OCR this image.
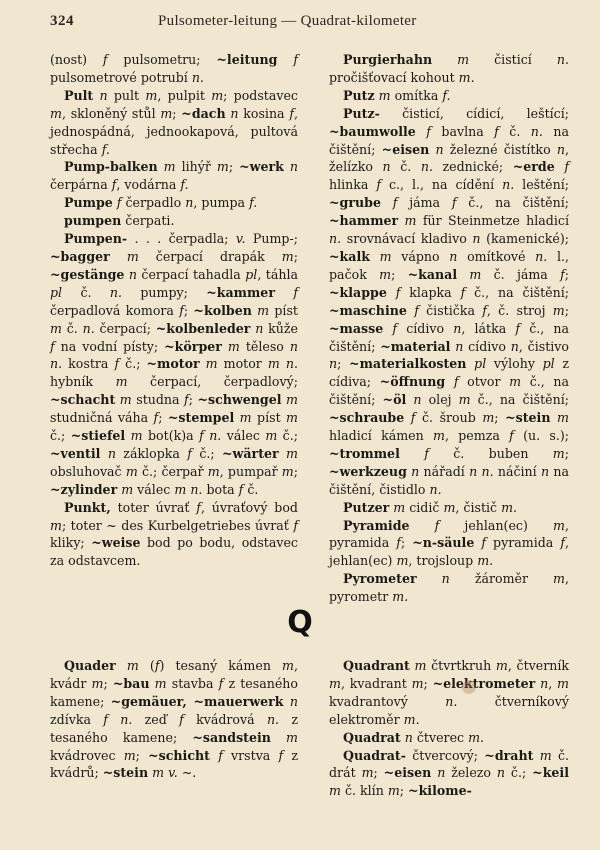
324	Pulsometer-leitung — Quadrat-kilometer

(nost) f pulsometru; ~leitung f pulsometrové potrubí n.

Pult n pult m, pulpit m; podstavec m, skloněný stůl m; ~dach n kosina f, jednospádná, jednookapová, pultová střecha f.

Pump-balken m lihýř m; ~werk n čerpárna f, vodárna f.

Pumpe f čerpadlo n, pumpa f.

pumpen čerpati.

Pumpen- . . . čerpadla; v. Pump-; ~bagger m čerpací drapák m; ~gestänge n čerpací tahadla pl, táhla pl č. n. pumpy; ~kammer f čerpadlová komora f; ~kolben m píst m č. n. čerpací; ~kolbenleder n kůže f na vodní písty; ~körper m těleso n n. kostra f č.; ~motor m motor m n. hybník m čerpací, čerpadlový; ~schacht m studna f; ~schwengel m studničná váha f; ~stempel m píst m č.; ~stiefel m bot(k)a f n. válec m č.; ~ventil n záklopka f č.; ~wärter m obsluhovač m č.; čerpař m, pumpař m; ~zylinder m válec m n. bota f č.

Punkt, toter úvrať f, úvraťový bod m; toter ~ des Kurbelgetriebes úvrať f kliky; ~weise bod po bodu, odstavec za odstavcem.

Purgierhahn m čisticí n. pročišťovací kohout m.

Putz m omítka f.

Putz- čisticí, cídicí, leštící; ~baumwolle f bavlna f č. n. na čištění; ~eisen n železné čistítko n, želízko n č. n. zednické; ~erde f hlinka f c., l., na cídění n. leštění; ~grube f jáma f č., na čištění; ~hammer m für Steinmetze hladicí n. srovnávací kladivo n (kamenické); ~kalk m vápno n omítkové n. l., pačok m; ~kanal m č. jáma f; ~klappe f klapka f č., na čištění; ~maschine f čistička f, č. stroj m; ~masse f cídivo n, látka f č., na čištění; ~material n cídivo n, čistivo n; ~materialkosten pl výlohy pl z cídiva; ~öffnung f otvor m č., na čištění; ~öl n olej m č., na čištění; ~schraube f č. šroub m; ~stein m hladicí kámen m, pemza f (u. s.); ~trommel f č. buben m; ~werkzeug n nářadí n n. náčiní n na čištění, čistidlo n.

Putzer m cidič m, čistič m.

Pyramide f jehlan(ec) m, pyramida f; ~n-säule f pyramida f, jehlan(ec) m, trojsloup m.

Pyrometer n žároměr m, pyrometr m.

Q

Quader m (f) tesaný kámen m, kvádr m; ~bau m stavba f z tesaného kamene; ~gemäuer, ~mauerwerk n zdívka f n. zeď f kvádrová n. z tesaného kamene; ~sandstein m kvádrovec m; ~schicht f vrstva f z kvádrů; ~stein m v. ~.

Quadrant m čtvrtkruh m, čtverník m, kvadrant m; ~elektrometer n, m kvadrantový n. čtverníkový elektroměr m.

Quadrat n čtverec m.

Quadrat- čtvercový; ~draht m č. drát m; ~eisen n železo n č.; ~keil m č. klín m; ~kilome-
